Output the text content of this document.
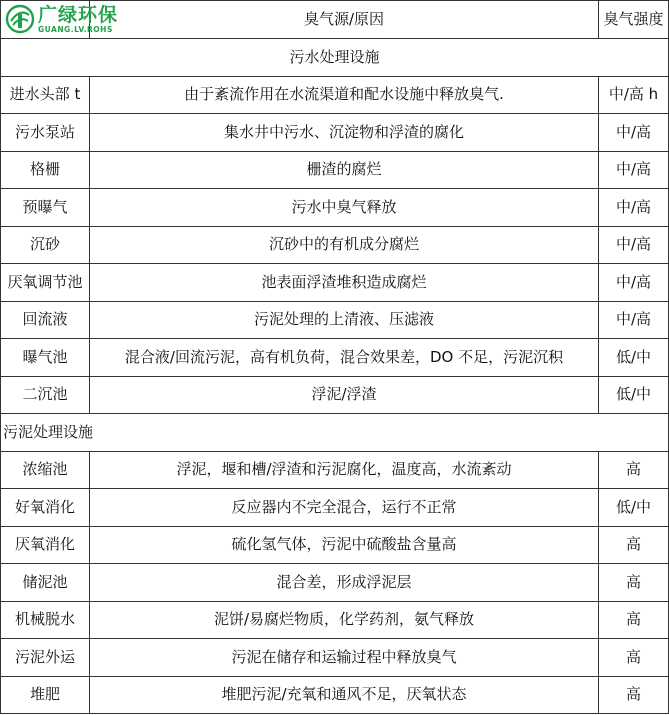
广绿环保
GUANG.LV.ROHS	臭气源/原因	臭气强度
污水处理设施		
进水头部 t	由于紊流作用在水流渠道和配水设施中释放臭气.	中/高 h
污水泵站	集水井中污水、沉淀物和浮渣的腐化	中/高
格栅	栅渣的腐烂	中/高
预曝气	污水中臭气释放	中/高
沉砂	沉砂中的有机成分腐烂	中/高
厌氧调节池	池表面浮渣堆积造成腐烂	中/高
回流液	污泥处理的上清液、压滤液	中/高
曝气池	混合液/回流污泥，高有机负荷，混合效果差，DO 不足，污泥沉积	低/中
二沉池	浮泥/浮渣	低/中
污泥处理设施		
浓缩池	浮泥，堰和槽/浮渣和污泥腐化，温度高，水流紊动	高
好氧消化	反应器内不完全混合，运行不正常	低/中
厌氧消化	硫化氢气体，污泥中硫酸盐含量高	高
储泥池	混合差，形成浮泥层	高
机械脱水	泥饼/易腐烂物质，化学药剂，氨气释放	高
污泥外运	污泥在储存和运输过程中释放臭气	高
堆肥	堆肥污泥/充氧和通风不足，厌氧状态	高
